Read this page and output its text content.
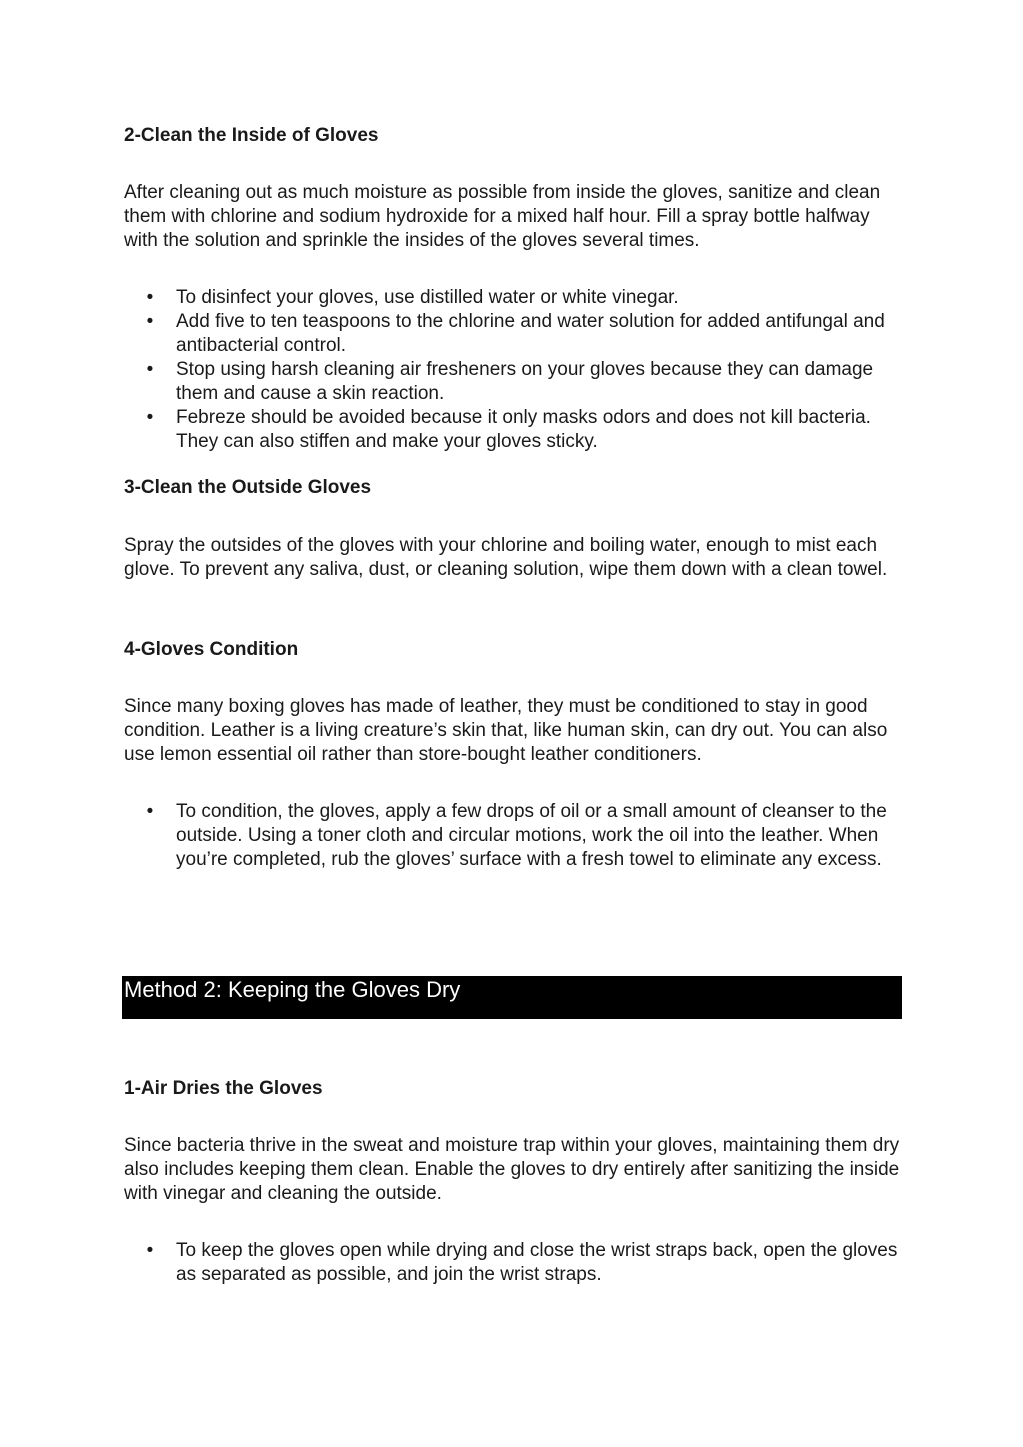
2-Clean the Inside of Gloves

After cleaning out as much moisture as possible from inside the gloves, sanitize and clean them with chlorine and sodium hydroxide for a mixed half hour. Fill a spray bottle halfway with the solution and sprinkle the insides of the gloves several times.

• To disinfect your gloves, use distilled water or white vinegar.
• Add five to ten teaspoons to the chlorine and water solution for added antifungal and antibacterial control.
• Stop using harsh cleaning air fresheners on your gloves because they can damage them and cause a skin reaction.
• Febreze should be avoided because it only masks odors and does not kill bacteria. They can also stiffen and make your gloves sticky.
3-Clean the Outside Gloves

Spray the outsides of the gloves with your chlorine and boiling water, enough to mist each glove. To prevent any saliva, dust, or cleaning solution, wipe them down with a clean towel.

4-Gloves Condition

Since many boxing gloves has made of leather, they must be conditioned to stay in good condition. Leather is a living creature’s skin that, like human skin, can dry out. You can also use lemon essential oil rather than store-bought leather conditioners.

• To condition, the gloves, apply a few drops of oil or a small amount of cleanser to the outside. Using a toner cloth and circular motions, work the oil into the leather. When you’re completed, rub the gloves’ surface with a fresh towel to eliminate any excess.
1-Air Dries the Gloves

Since bacteria thrive in the sweat and moisture trap within your gloves, maintaining them dry also includes keeping them clean. Enable the gloves to dry entirely after sanitizing the inside with vinegar and cleaning the outside.

• To keep the gloves open while drying and close the wrist straps back, open the gloves as separated as possible, and join the wrist straps.
Method 2: Keeping the Gloves Dry
